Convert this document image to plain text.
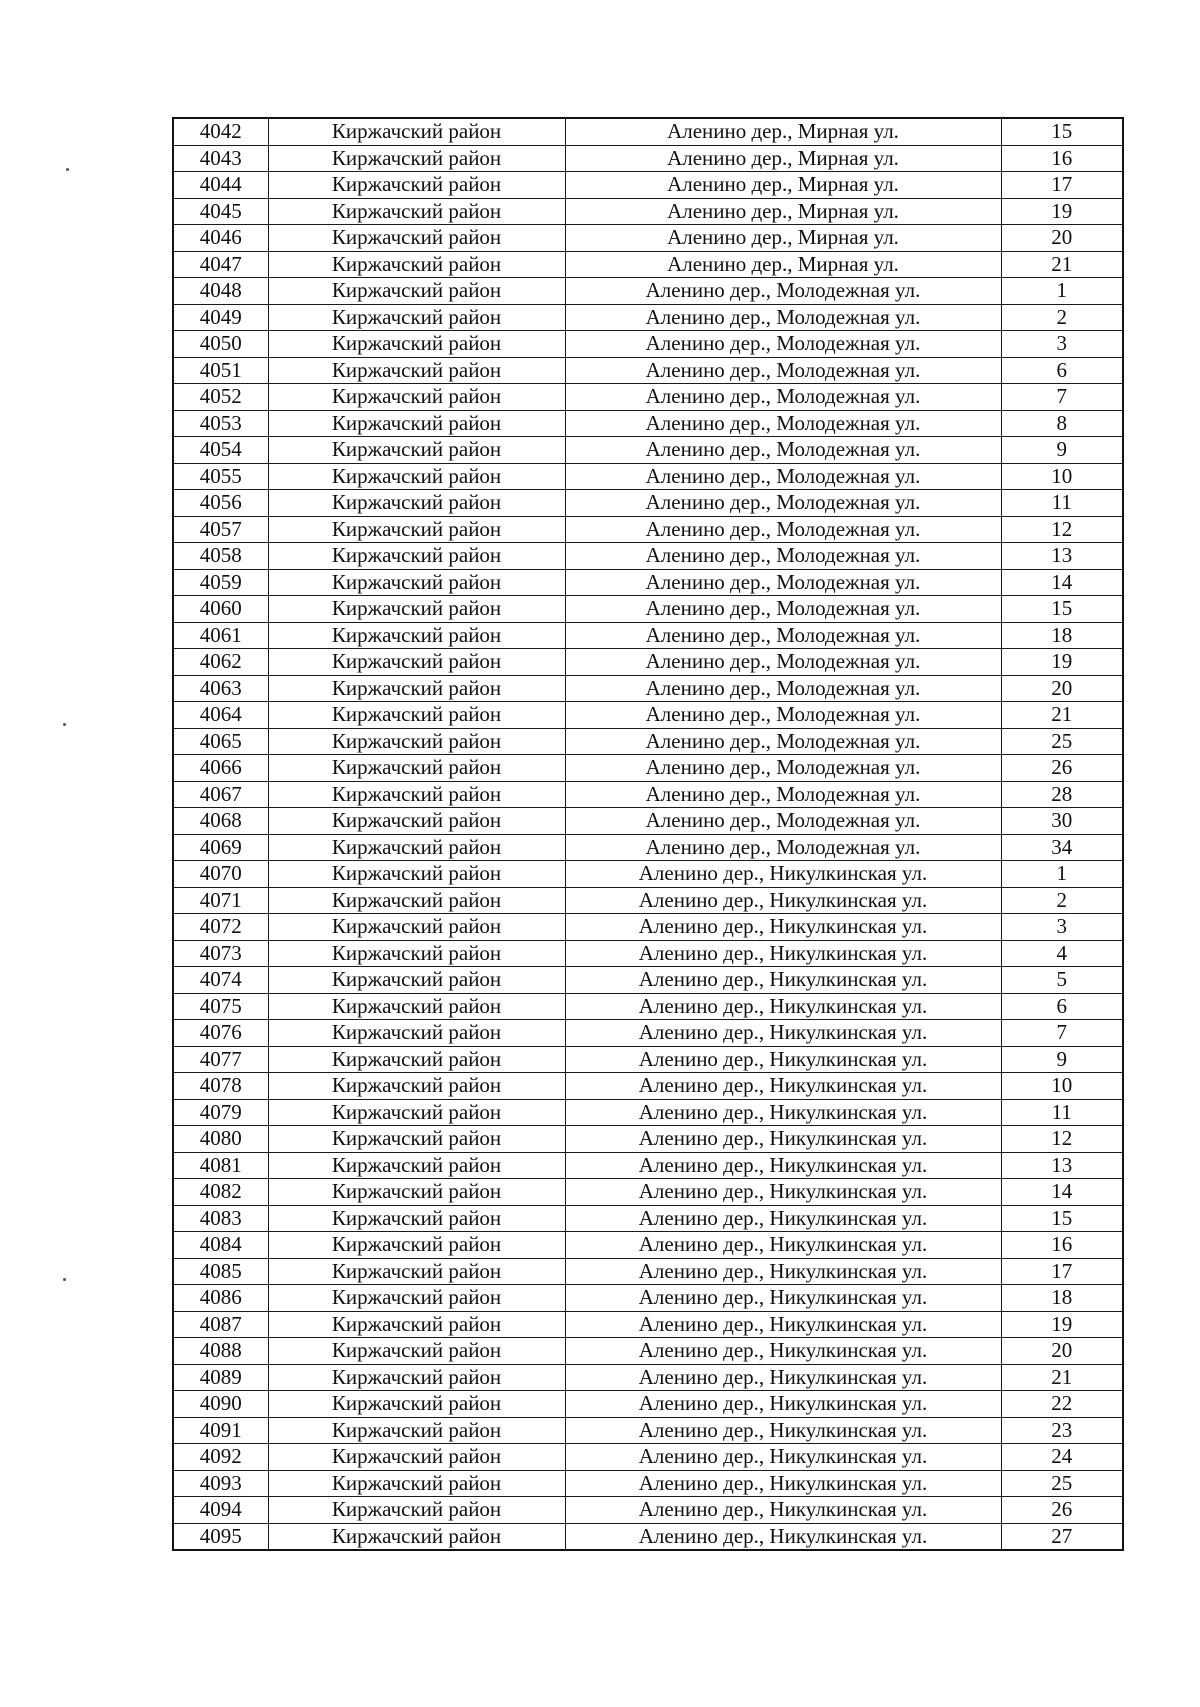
4042	Киржачский район	Аленино дер., Мирная ул.	15
4043	Киржачский район	Аленино дер., Мирная ул.	16
4044	Киржачский район	Аленино дер., Мирная ул.	17
4045	Киржачский район	Аленино дер., Мирная ул.	19
4046	Киржачский район	Аленино дер., Мирная ул.	20
4047	Киржачский район	Аленино дер., Мирная ул.	21
4048	Киржачский район	Аленино дер., Молодежная ул.	1
4049	Киржачский район	Аленино дер., Молодежная ул.	2
4050	Киржачский район	Аленино дер., Молодежная ул.	3
4051	Киржачский район	Аленино дер., Молодежная ул.	6
4052	Киржачский район	Аленино дер., Молодежная ул.	7
4053	Киржачский район	Аленино дер., Молодежная ул.	8
4054	Киржачский район	Аленино дер., Молодежная ул.	9
4055	Киржачский район	Аленино дер., Молодежная ул.	10
4056	Киржачский район	Аленино дер., Молодежная ул.	11
4057	Киржачский район	Аленино дер., Молодежная ул.	12
4058	Киржачский район	Аленино дер., Молодежная ул.	13
4059	Киржачский район	Аленино дер., Молодежная ул.	14
4060	Киржачский район	Аленино дер., Молодежная ул.	15
4061	Киржачский район	Аленино дер., Молодежная ул.	18
4062	Киржачский район	Аленино дер., Молодежная ул.	19
4063	Киржачский район	Аленино дер., Молодежная ул.	20
4064	Киржачский район	Аленино дер., Молодежная ул.	21
4065	Киржачский район	Аленино дер., Молодежная ул.	25
4066	Киржачский район	Аленино дер., Молодежная ул.	26
4067	Киржачский район	Аленино дер., Молодежная ул.	28
4068	Киржачский район	Аленино дер., Молодежная ул.	30
4069	Киржачский район	Аленино дер., Молодежная ул.	34
4070	Киржачский район	Аленино дер., Никулкинская ул.	1
4071	Киржачский район	Аленино дер., Никулкинская ул.	2
4072	Киржачский район	Аленино дер., Никулкинская ул.	3
4073	Киржачский район	Аленино дер., Никулкинская ул.	4
4074	Киржачский район	Аленино дер., Никулкинская ул.	5
4075	Киржачский район	Аленино дер., Никулкинская ул.	6
4076	Киржачский район	Аленино дер., Никулкинская ул.	7
4077	Киржачский район	Аленино дер., Никулкинская ул.	9
4078	Киржачский район	Аленино дер., Никулкинская ул.	10
4079	Киржачский район	Аленино дер., Никулкинская ул.	11
4080	Киржачский район	Аленино дер., Никулкинская ул.	12
4081	Киржачский район	Аленино дер., Никулкинская ул.	13
4082	Киржачский район	Аленино дер., Никулкинская ул.	14
4083	Киржачский район	Аленино дер., Никулкинская ул.	15
4084	Киржачский район	Аленино дер., Никулкинская ул.	16
4085	Киржачский район	Аленино дер., Никулкинская ул.	17
4086	Киржачский район	Аленино дер., Никулкинская ул.	18
4087	Киржачский район	Аленино дер., Никулкинская ул.	19
4088	Киржачский район	Аленино дер., Никулкинская ул.	20
4089	Киржачский район	Аленино дер., Никулкинская ул.	21
4090	Киржачский район	Аленино дер., Никулкинская ул.	22
4091	Киржачский район	Аленино дер., Никулкинская ул.	23
4092	Киржачский район	Аленино дер., Никулкинская ул.	24
4093	Киржачский район	Аленино дер., Никулкинская ул.	25
4094	Киржачский район	Аленино дер., Никулкинская ул.	26
4095	Киржачский район	Аленино дер., Никулкинская ул.	27
